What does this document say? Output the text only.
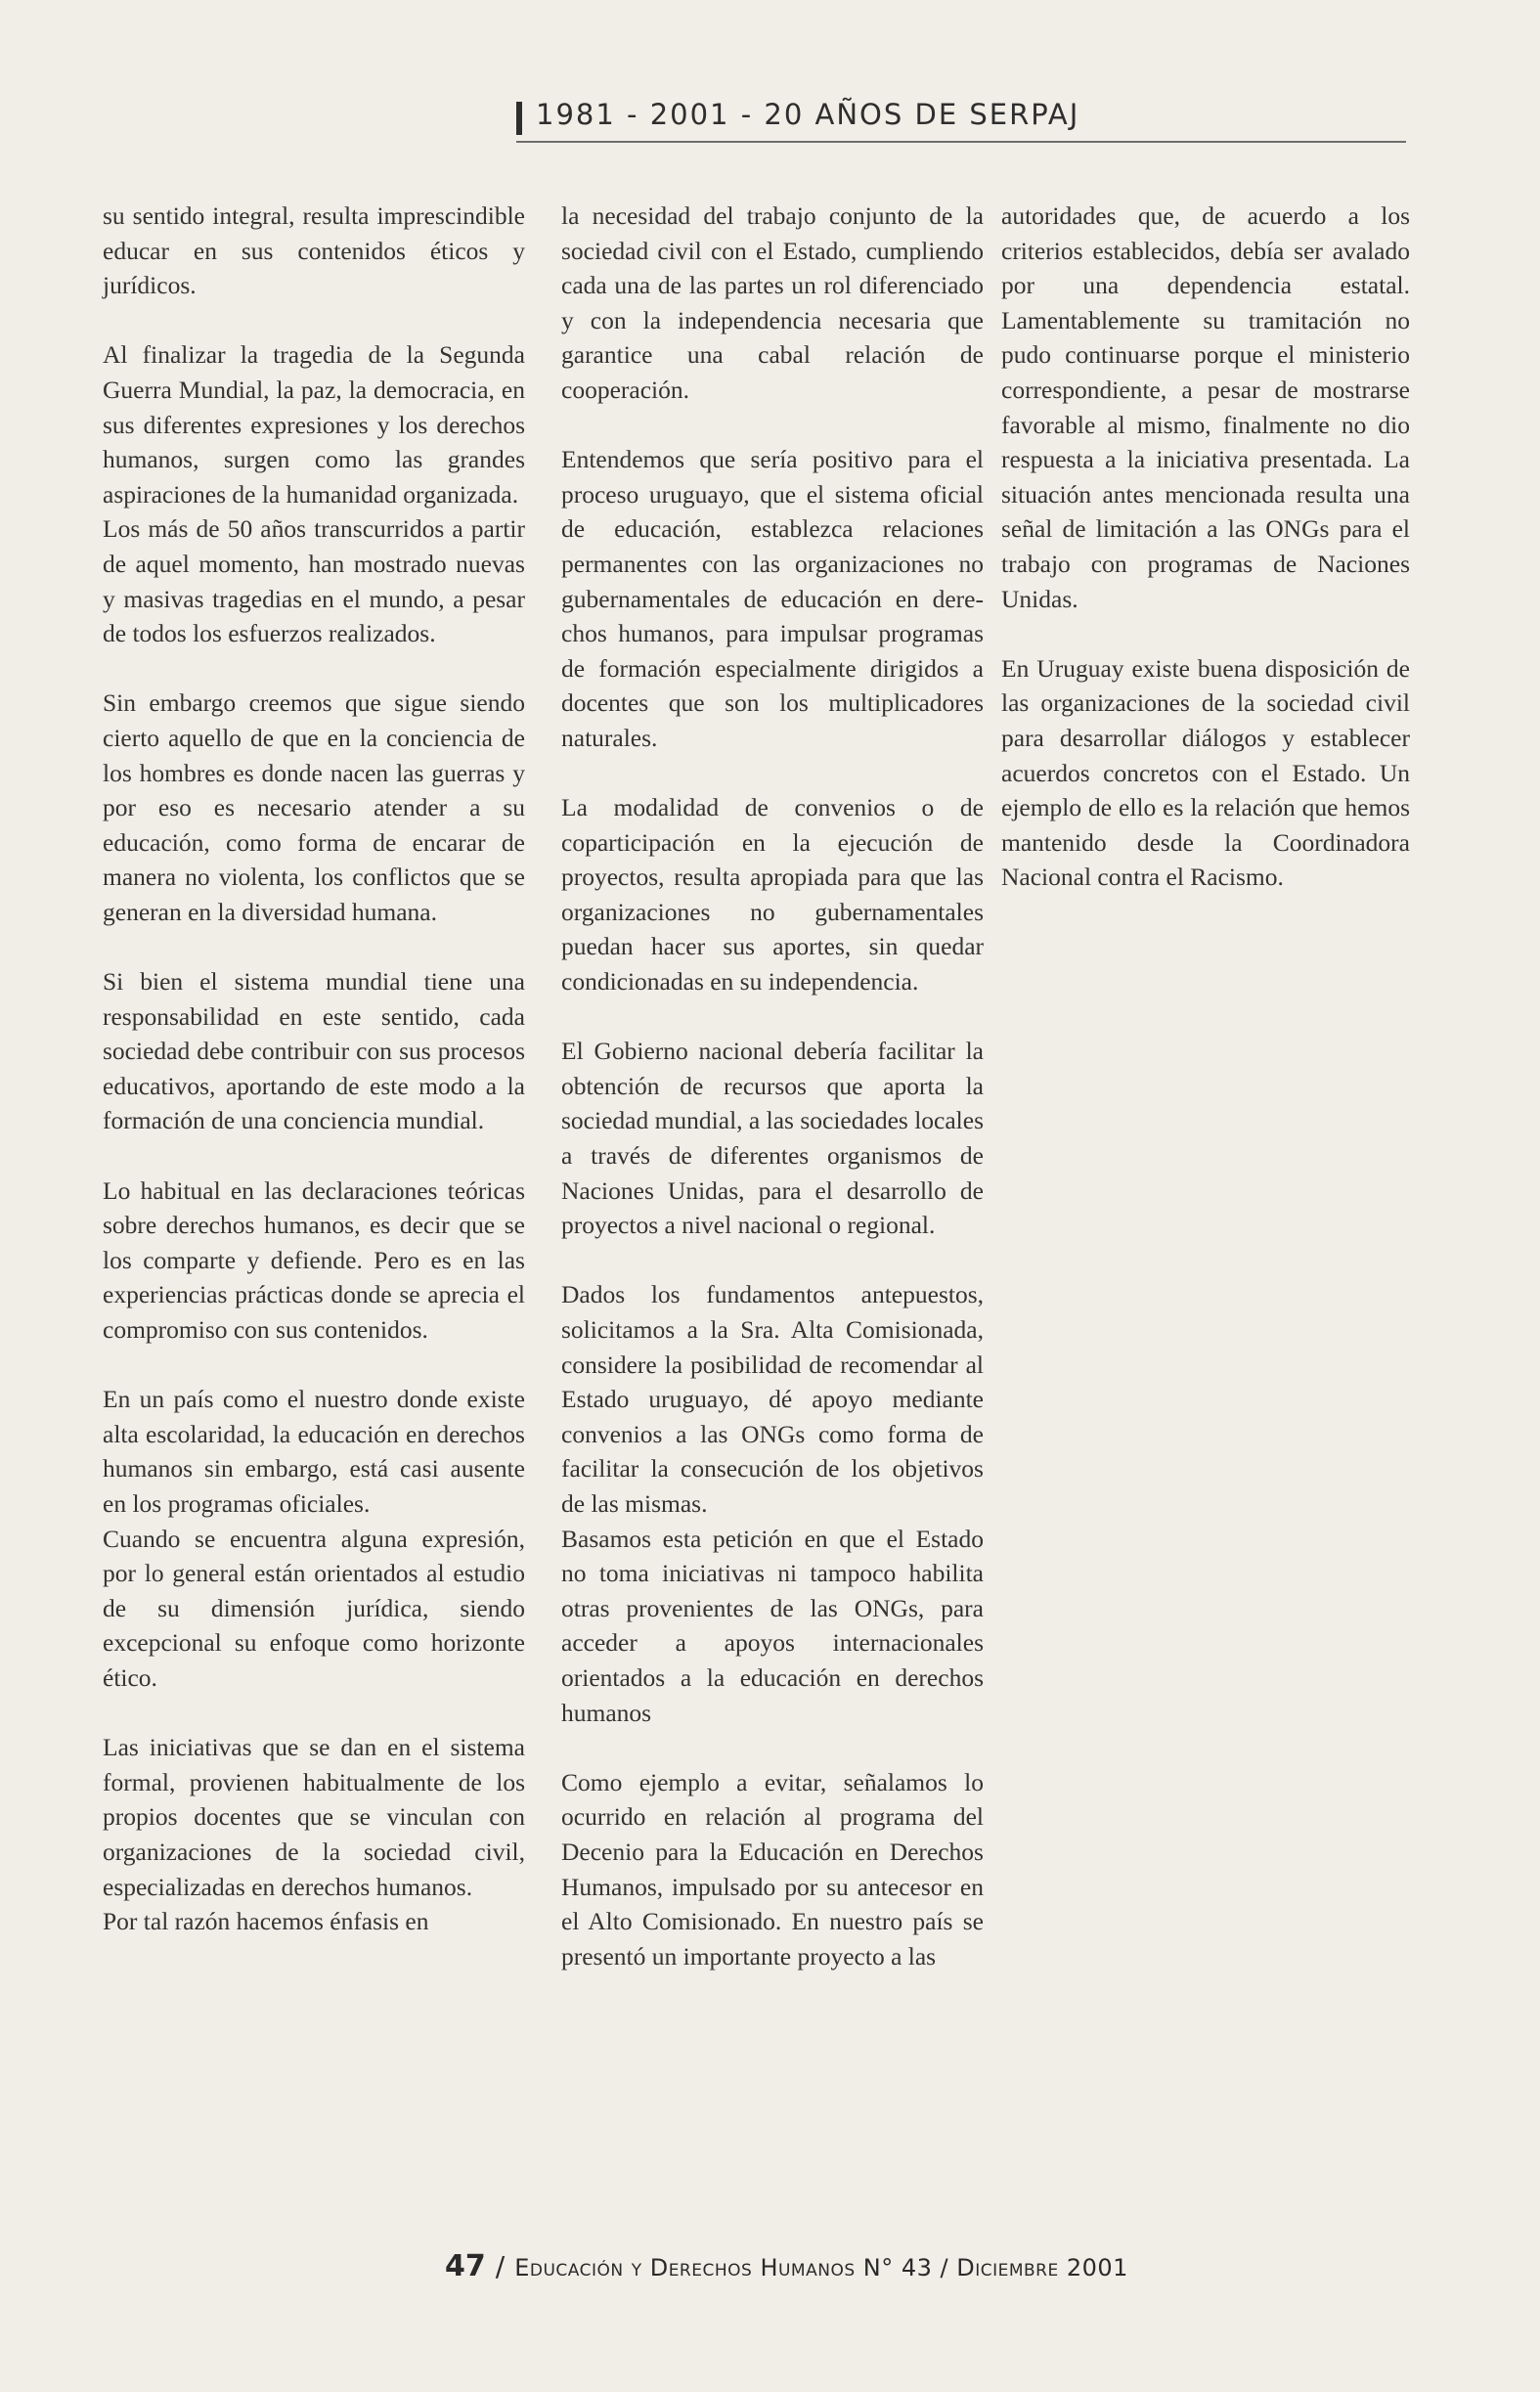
1981 - 2001 - 20 AÑOS DE SERPAJ

su sentido integral, resulta imprescindible educar en sus contenidos éticos y jurídicos.

Al finalizar la tragedia de la Segunda Guerra Mundial, la paz, la democracia, en sus diferentes expresiones y los derechos humanos, surgen como las grandes aspiraciones de la humanidad organizada.

Los más de 50 años transcurridos a partir de aquel momento, han mostrado nuevas y masivas tragedias en el mundo, a pesar de todos los esfuerzos realizados.

Sin embargo creemos que sigue siendo cierto aquello de que en la conciencia de los hombres es donde nacen las guerras y por eso es necesario atender a su educación, como forma de encarar de manera no violenta, los conflictos que se generan en la diversidad humana.

Si bien el sistema mundial tiene una responsabilidad en este sentido, cada sociedad debe contribuir con sus procesos educativos, aportando de este modo a la formación de una conciencia mundial.

Lo habitual en las declaraciones teóricas sobre derechos humanos, es decir que se los comparte y defiende. Pero es en las experiencias prácticas donde se aprecia el compromiso con sus contenidos.

En un país como el nuestro donde existe alta escolaridad, la educación en derechos humanos sin embargo, está casi ausente en los programas oficiales.

Cuando se encuentra alguna expresión, por lo general están orientados al estudio de su dimensión jurídica, siendo excepcional su enfoque como horizonte ético.

Las iniciativas que se dan en el sistema formal, provienen habitualmente de los propios docentes que se vinculan con organizaciones de la sociedad civil, especializadas en derechos humanos.

Por tal razón hacemos énfasis en

la necesidad del trabajo conjunto de la sociedad civil con el Estado, cumpliendo cada una de las partes un rol diferenciado y con la independencia necesaria que garantice una cabal relación de cooperación.

Entendemos que sería positivo para el proceso uruguayo, que el sistema oficial de educación, establezca relaciones permanentes con las organizaciones no gubernamentales de educación en derechos humanos, para impulsar programas de formación especialmente dirigidos a docentes que son los multiplicadores naturales.

La modalidad de convenios o de coparticipación en la ejecución de proyectos, resulta apropiada para que las organizaciones no gubernamentales puedan hacer sus aportes, sin quedar condicionadas en su independencia.

El Gobierno nacional debería facilitar la obtención de recursos que aporta la sociedad mundial, a las sociedades locales a través de diferentes organismos de Naciones Unidas, para el desarrollo de proyectos a nivel nacional o regional.

Dados los fundamentos antepuestos, solicitamos a la Sra. Alta Comisionada, considere la posibilidad de recomendar al Estado uruguayo, dé apoyo mediante convenios a las ONGs como forma de facilitar la consecución de los objetivos de las mismas.

Basamos esta petición en que el Estado no toma iniciativas ni tampoco habilita otras provenientes de las ONGs, para acceder a apoyos internacionales orientados a la educación en derechos humanos

Como ejemplo a evitar, señalamos lo ocurrido en relación al programa del Decenio para la Educación en Derechos Humanos, impulsado por su antecesor en el Alto Comisionado. En nuestro país se presentó un importante proyecto a las

autoridades que, de acuerdo a los criterios establecidos, debía ser avalado por una dependencia estatal. Lamentablemente su tramitación no pudo continuarse porque el ministerio correspondiente, a pesar de mostrarse favorable al mismo, finalmente no dio respuesta a la iniciativa presentada. La situación antes mencionada resulta una señal de limitación a las ONGs para el trabajo con programas de Naciones Unidas.

En Uruguay existe buena disposición de las organizaciones de la sociedad civil para desarrollar diálogos y establecer acuerdos concretos con el Estado. Un ejemplo de ello es la relación que hemos mantenido desde la Coordinadora Nacional contra el Racismo.

47 / Educación y Derechos Humanos N° 43 / Diciembre 2001
